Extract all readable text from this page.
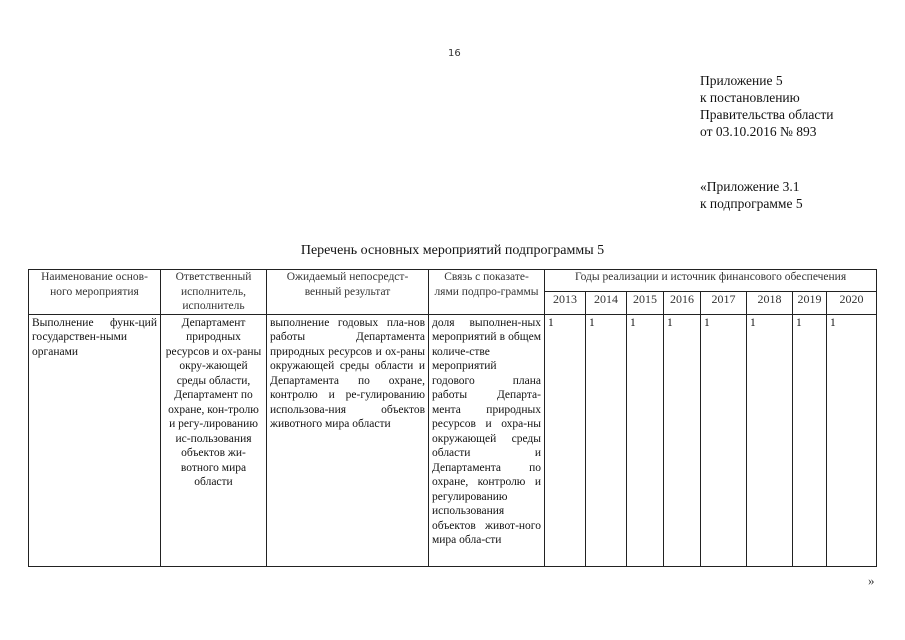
16
Приложение 5
к постановлению
Правительства области
от 03.10.2016 № 893
«Приложение 3.1
к подпрограмме 5
Перечень основных мероприятий подпрограммы 5
Наименование основ-ного мероприятия	Ответственный исполнитель, исполнитель	Ожидаемый непосредст-венный результат	Связь с показате-лями подпро-граммы	Годы реализации и источник финансового обеспечения							
				2013	2014	2015	2016	2017	2018	2019	2020
Выполнение функ-ций государствен-ными органами	Департамент природных ресурсов и ох-раны окру-жающей среды области, Департамент по охране, кон-тролю и регу-лированию ис-пользования объектов жи-вотного мира области	выполнение годовых пла-нов работы Департамента природных ресурсов и ох-раны окружающей среды области и Департамента по охране, контролю и ре-гулированию использова-ния объектов животного мира области	доля выполнен-ных мероприятий в общем количе-стве мероприятий годового плана работы Департа-мента природных ресурсов и охра-ны окружающей среды области и Департамента по охране, контролю и регулированию использования объектов живот-ного мира обла-сти	1	1	1	1	1	1	1	1
»
